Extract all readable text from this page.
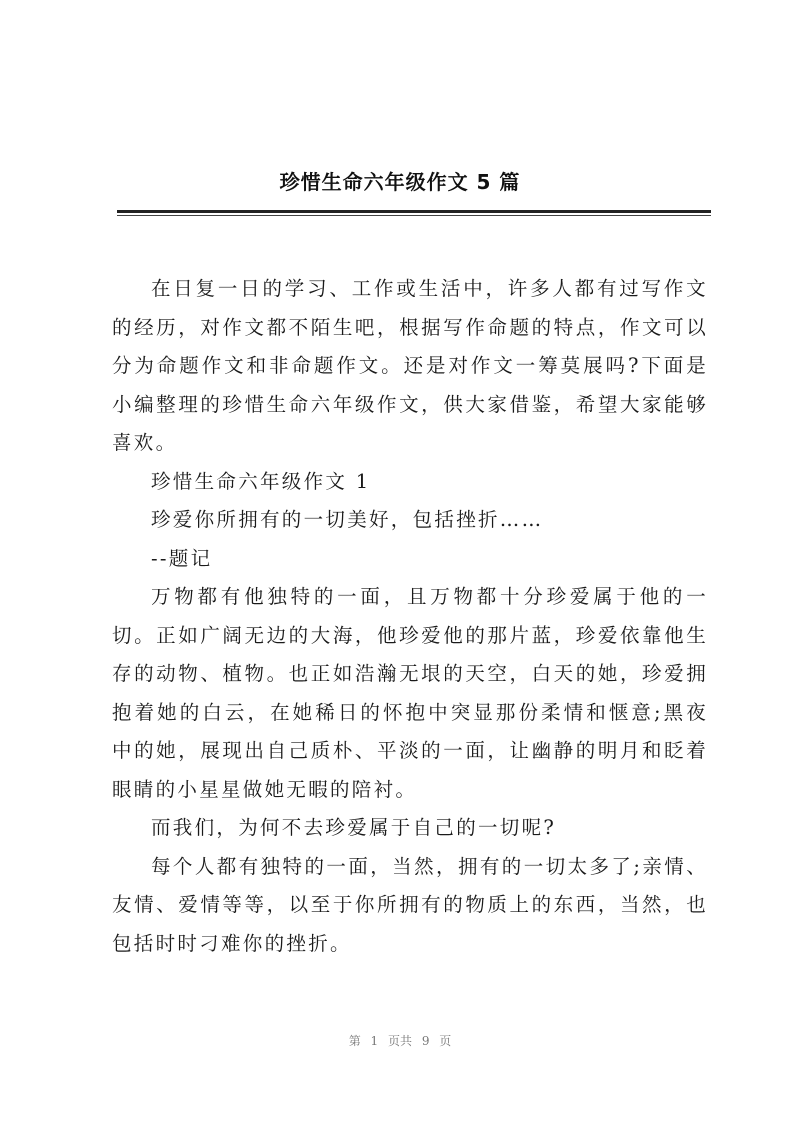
珍惜生命六年级作文 5 篇

在日复一日的学习、工作或生活中，许多人都有过写作文的经历，对作文都不陌生吧，根据写作命题的特点，作文可以分为命题作文和非命题作文。还是对作文一筹莫展吗?下面是小编整理的珍惜生命六年级作文，供大家借鉴，希望大家能够喜欢。

珍惜生命六年级作文 1

珍爱你所拥有的一切美好，包括挫折……

--题记

万物都有他独特的一面，且万物都十分珍爱属于他的一切。正如广阔无边的大海，他珍爱他的那片蓝，珍爱依靠他生存的动物、植物。也正如浩瀚无垠的天空，白天的她，珍爱拥抱着她的白云，在她稀日的怀抱中突显那份柔情和惬意;黑夜中的她，展现出自己质朴、平淡的一面，让幽静的明月和眨着眼睛的小星星做她无暇的陪衬。

而我们，为何不去珍爱属于自己的一切呢?

每个人都有独特的一面，当然，拥有的一切太多了;亲情、友情、爱情等等，以至于你所拥有的物质上的东西，当然，也包括时时刁难你的挫折。

第 1 页共 9 页
